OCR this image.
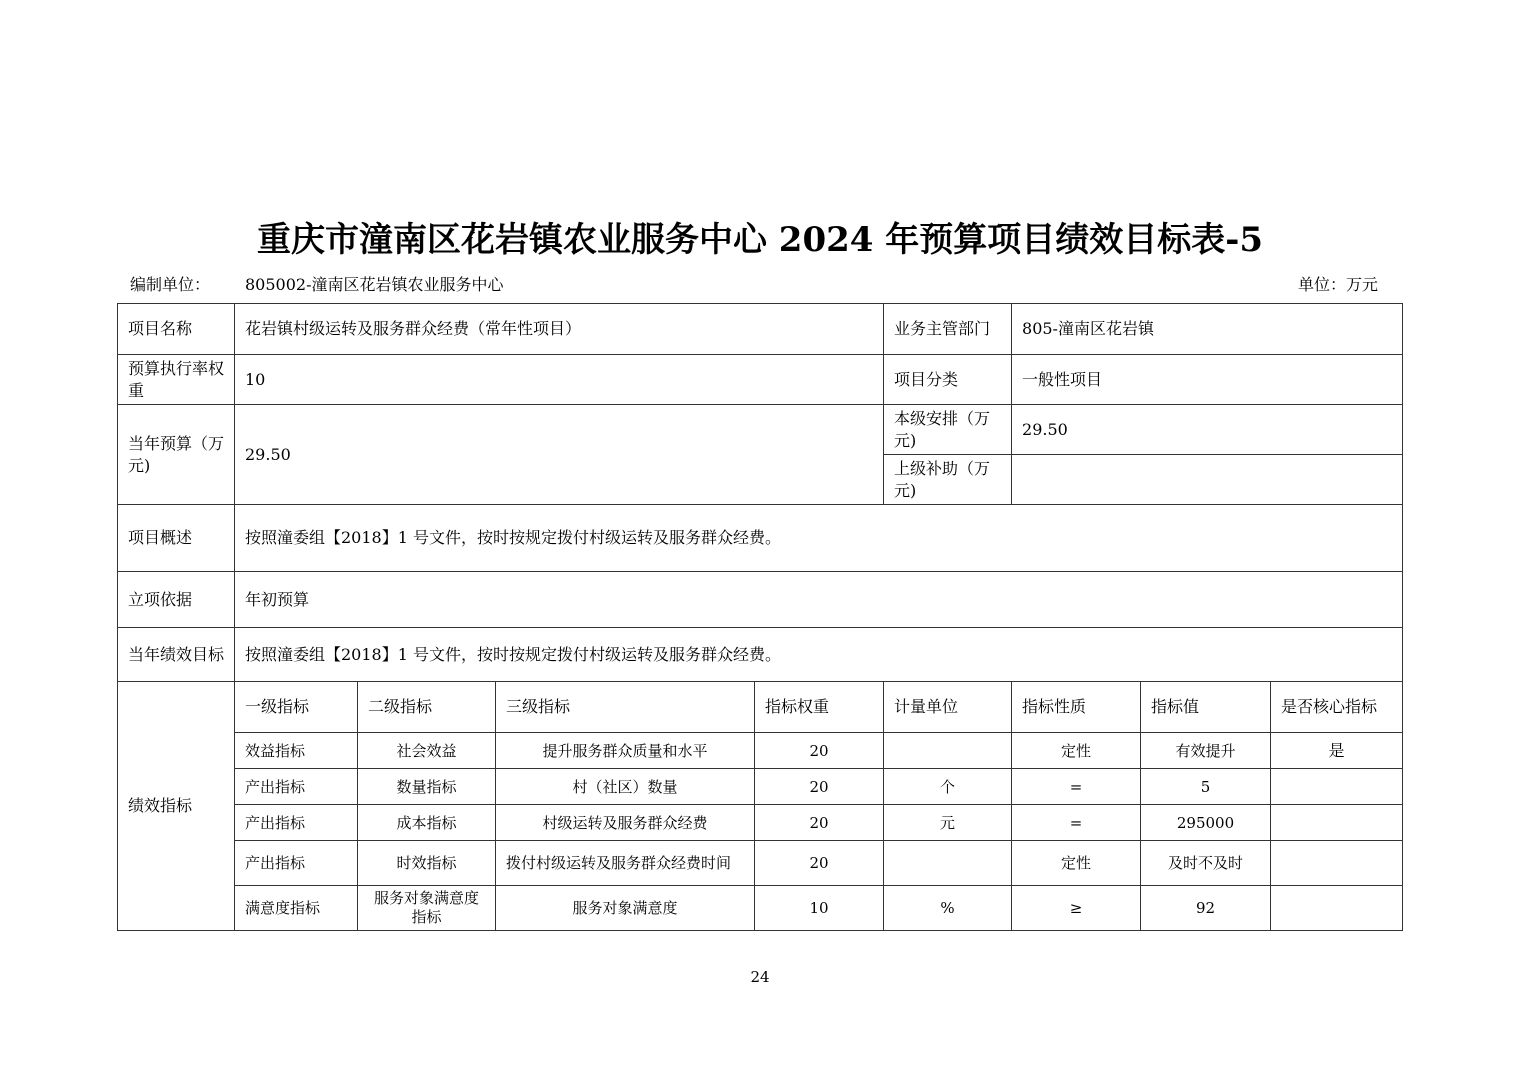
重庆市潼南区花岩镇农业服务中心 2024 年预算项目绩效目标表-5
编制单位： 805002-潼南区花岩镇农业服务中心	单位：万元
项目名称	花岩镇村级运转及服务群众经费（常年性项目）				业务主管部门	805-潼南区花岩镇		
预算执行率权重	10				项目分类	一般性项目		
当年预算（万元)	29.50				本级安排（万元)	29.50		
					上级补助（万元)			
项目概述	按照潼委组【2018】1 号文件，按时按规定拨付村级运转及服务群众经费。							
立项依据	年初预算							
当年绩效目标	按照潼委组【2018】1 号文件，按时按规定拨付村级运转及服务群众经费。							
绩效指标	一级指标	二级指标	三级指标	指标权重	计量单位	指标性质	指标值	是否核心指标
	效益指标	社会效益	提升服务群众质量和水平	20		定性	有效提升	是
	产出指标	数量指标	村（社区）数量	20	个	=	5	
	产出指标	成本指标	村级运转及服务群众经费	20	元	=	295000	
	产出指标	时效指标	拨付村级运转及服务群众经费时间	20		定性	及时不及时	
	满意度指标	服务对象满意度指标	服务对象满意度	10	%	≥	92	
24
